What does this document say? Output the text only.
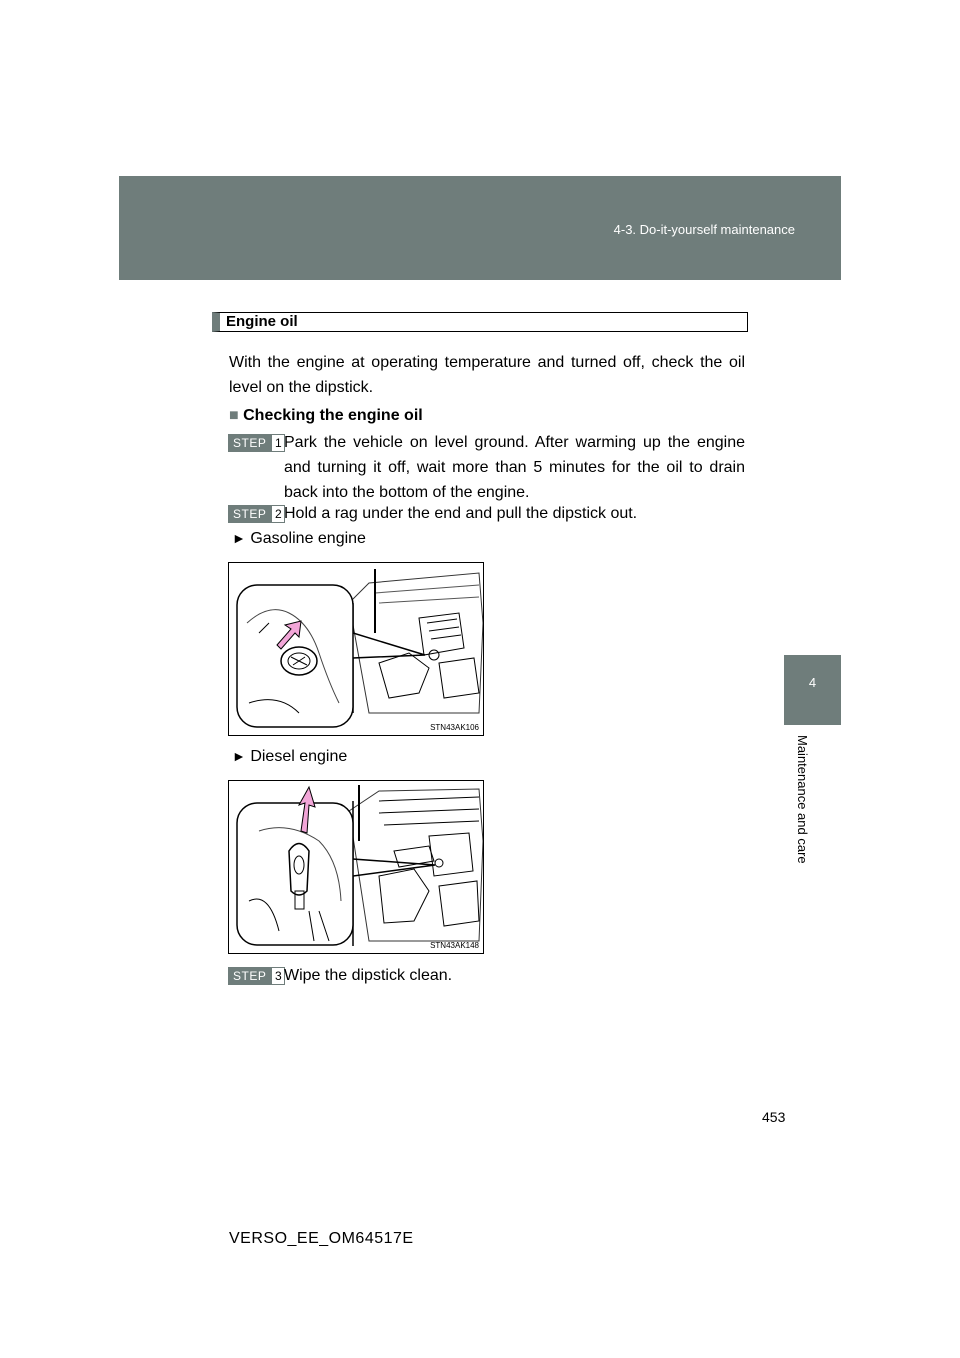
4-3. Do-it-yourself maintenance
4
Maintenance and care
Engine oil
With the engine at operating temperature and turned off, check the oil level on the dipstick.
■ Checking the engine oil
STEP 1 Park the vehicle on level ground. After warming up the engine and turning it off, wait more than 5 minutes for the oil to drain back into the bottom of the engine.
STEP 2 Hold a rag under the end and pull the dipstick out.
► Gasoline engine
STN43AK106
► Diesel engine
STN43AK148
STEP 3 Wipe the dipstick clean.
453
VERSO_EE_OM64517E
